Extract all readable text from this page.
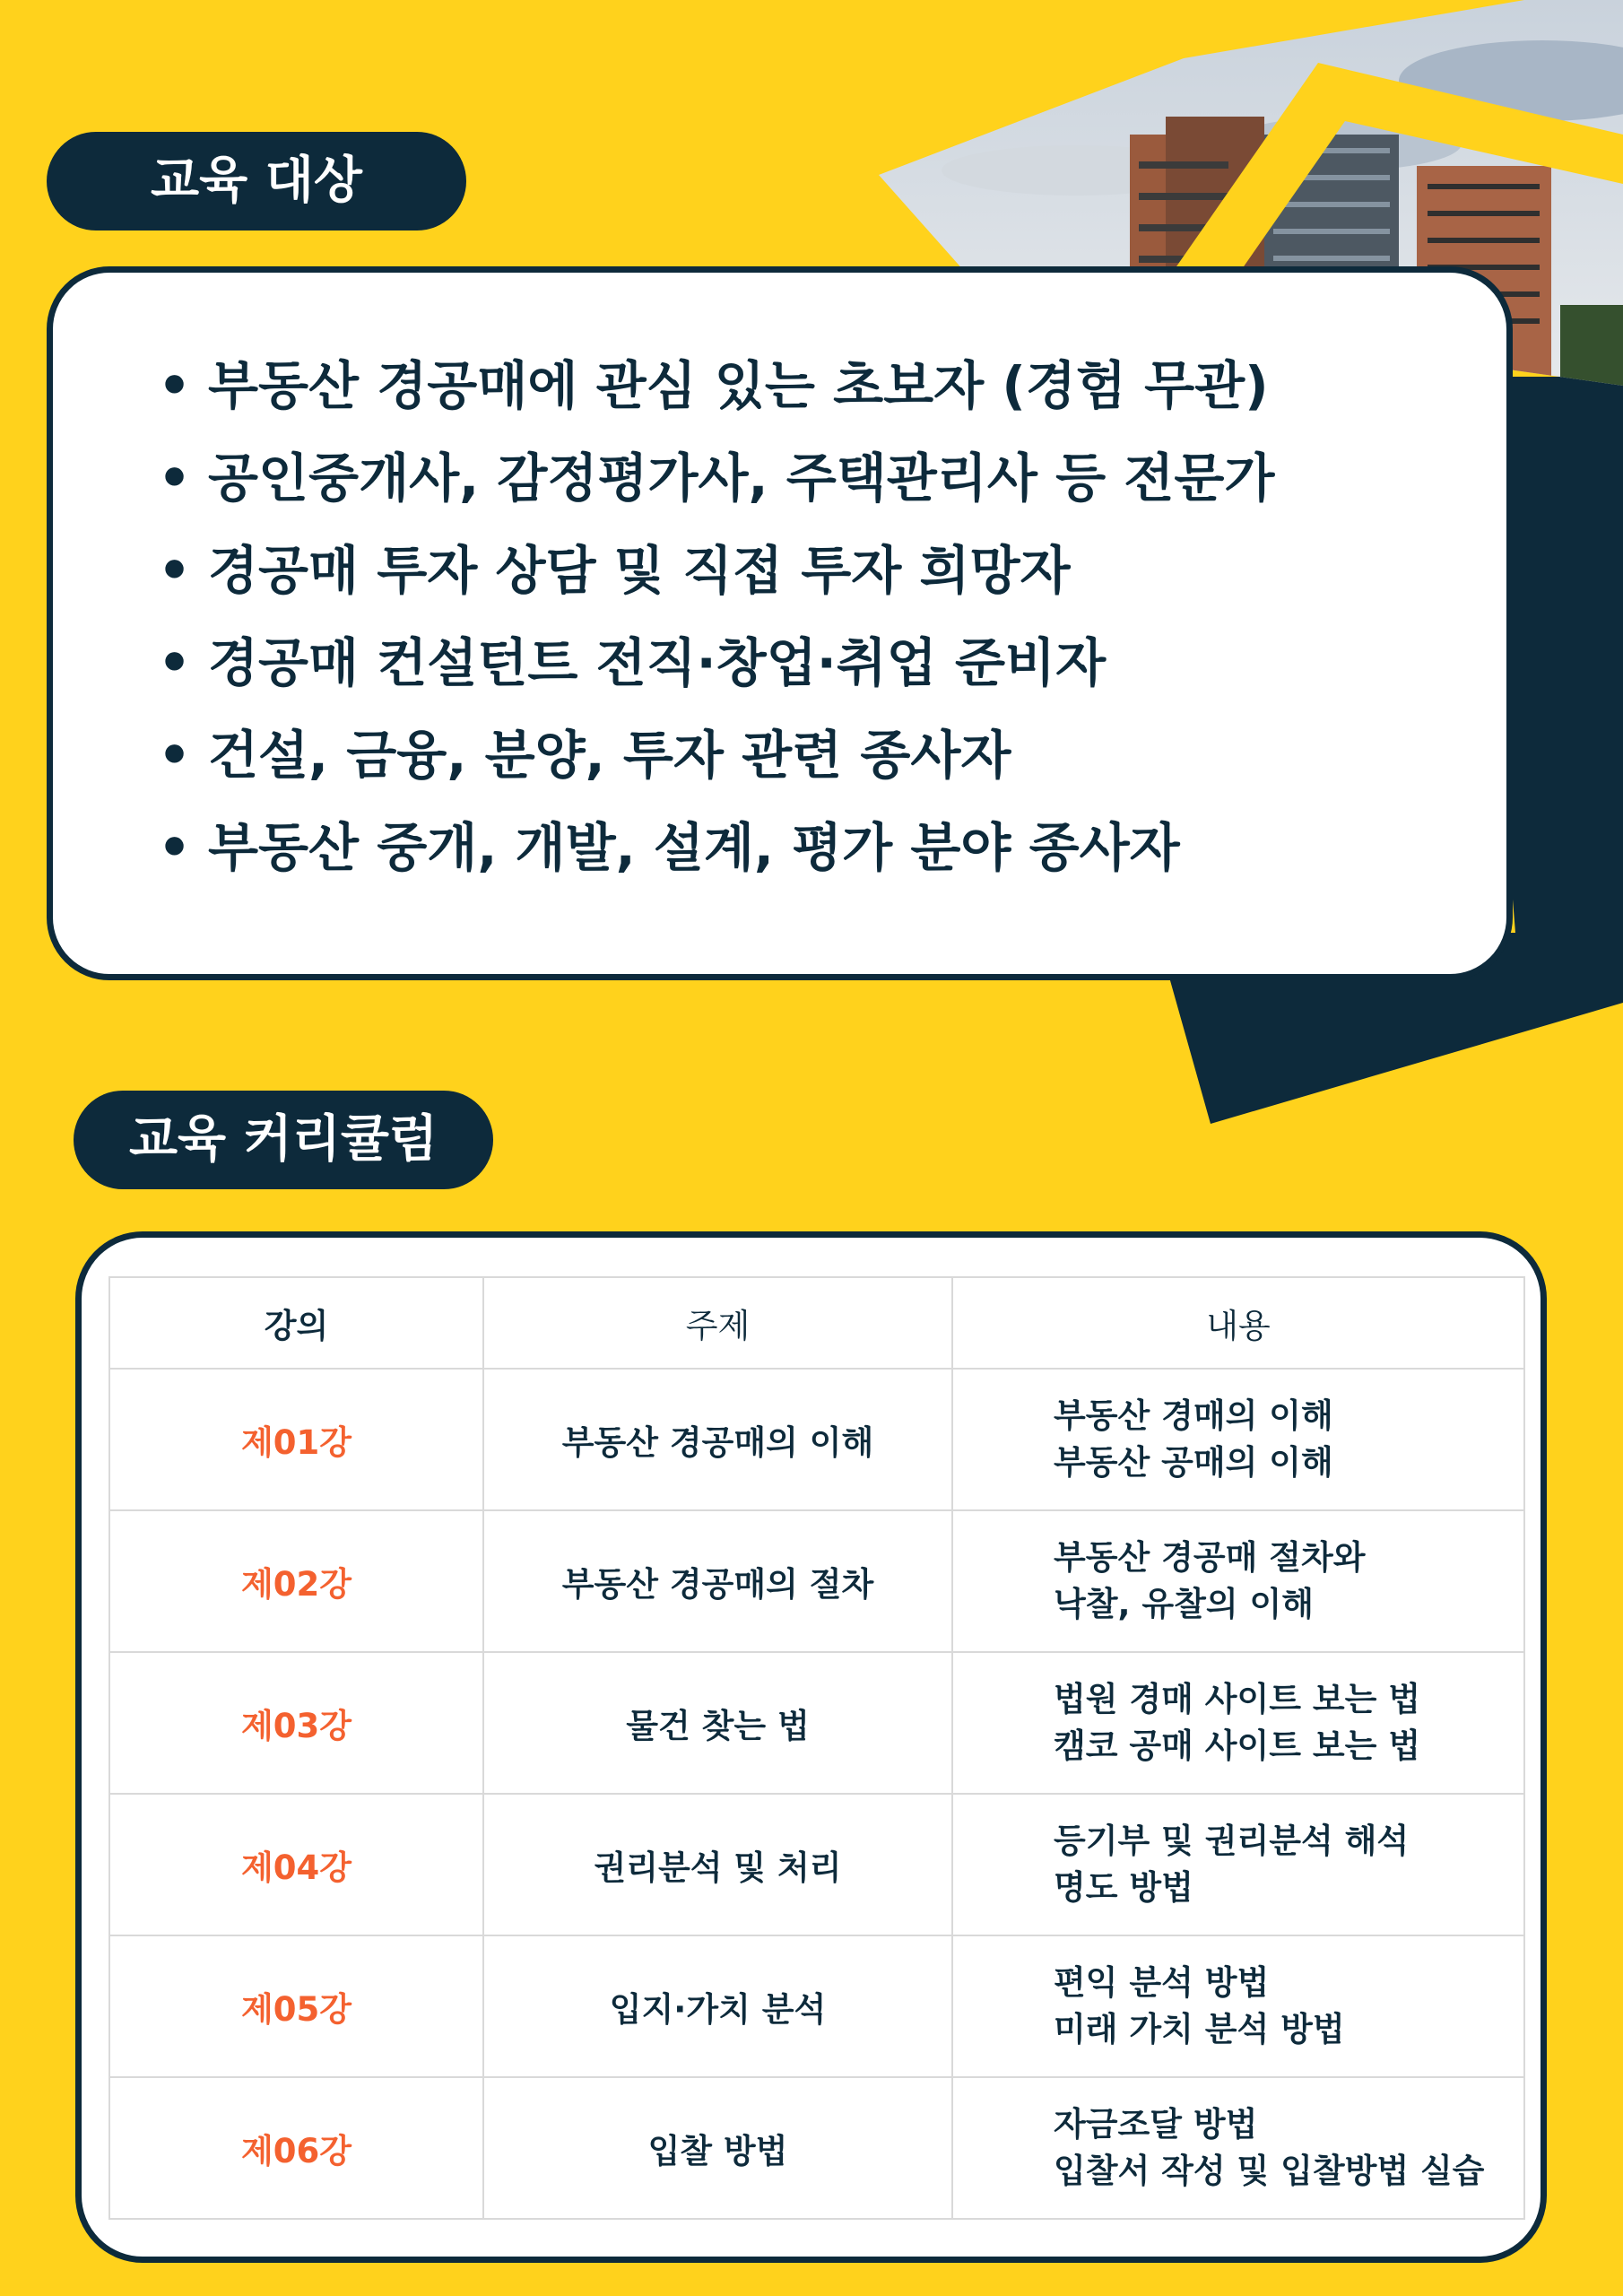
교육 대상
• 부동산 경공매에 관심 있는 초보자 (경험 무관)
• 공인중개사, 감정평가사, 주택관리사 등 전문가
• 경공매 투자 상담 및 직접 투자 희망자
• 경공매 컨설턴트 전직·창업·취업 준비자
• 건설, 금융, 분양, 투자 관련 종사자
• 부동산 중개, 개발, 설계, 평가 분야 종사자
교육 커리큘럼
강의	주제	내용
제01강	부동산 경공매의 이해	부동산 경매의 이해
부동산 공매의 이해

제02강	부동산 경공매의 절차	부동산 경공매 절차와
낙찰, 유찰의 이해

제03강	물건 찾는 법	법원 경매 사이트 보는 법
캠코 공매 사이트 보는 법

제04강	권리분석 및 처리	등기부 및 권리분석 해석
명도 방법

제05강	입지·가치 분석	편익 분석 방법
미래 가치 분석 방법

제06강	입찰 방법	자금조달 방법
입찰서 작성 및 입찰방법 실습
